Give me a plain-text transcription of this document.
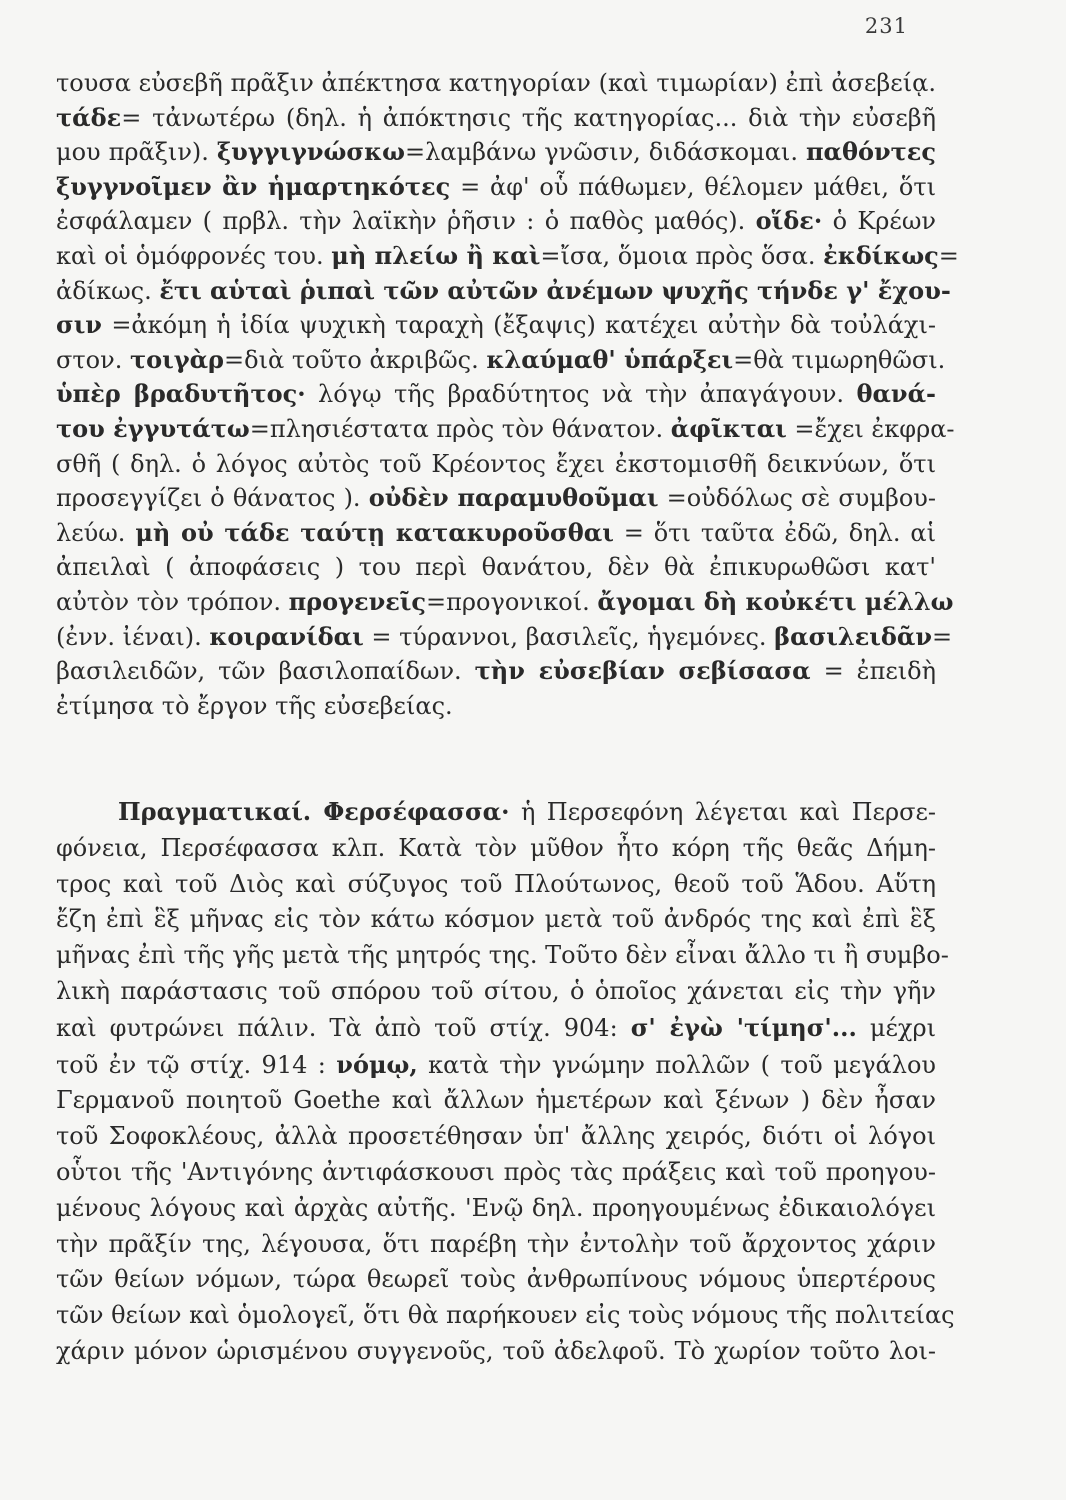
231
τουσα εὐσεβῆ πρᾶξιν ἀπέκτησα κατηγορίαν (καὶ τιμωρίαν) ἐπὶ ἀσεβείᾳ.
τάδε= τἀνωτέρω (δηλ. ἡ ἀπόκτησις τῆς κατηγορίας... διὰ τὴν εὐσεβῆ
μου πρᾶξιν). ξυγγιγνώσκω=λαμβάνω γνῶσιν, διδάσκομαι. παθόντες
ξυγγνοῖμεν ἂν ἡμαρτηκότες = ἀφ' οὗ πάθωμεν, θέλομεν μάθει, ὅτι
ἐσφάλαμεν ( πρβλ. τὴν λαϊκὴν ῥῆσιν : ὁ παθὸς μαθός). οἵδε· ὁ Κρέων
καὶ οἱ ὁμόφρονές του. μὴ πλείω ἢ καὶ=ἴσα, ὅμοια πρὸς ὅσα. ἐκδίκως=
ἀδίκως. ἔτι αὑταὶ ῥιπαὶ τῶν αὐτῶν ἀνέμων ψυχῆς τήνδε γ' ἔχου-
σιν =ἀκόμη ἡ ἰδία ψυχικὴ ταραχὴ (ἔξαψις) κατέχει αὐτὴν δὰ τοὐλάχι-
στον. τοιγὰρ=διὰ τοῦτο ἀκριβῶς. κλαύμαθ' ὑπάρξει=θὰ τιμωρηθῶσι.
ὑπὲρ βραδυτῆτος· λόγῳ τῆς βραδύτητος νὰ τὴν ἀπαγάγουν. θανά-
του ἐγγυτάτω=πλησιέστατα πρὸς τὸν θάνατον. ἀφῖκται =ἔχει ἐκφρα-
σθῆ ( δηλ. ὁ λόγος αὐτὸς τοῦ Κρέοντος ἔχει ἐκστομισθῆ δεικνύων, ὅτι
προσεγγίζει ὁ θάνατος ). οὐδὲν παραμυθοῦμαι =οὐδόλως σὲ συμβου-
λεύω. μὴ οὐ τάδε ταύτῃ κατακυροῦσθαι = ὅτι ταῦτα ἐδῶ, δηλ. αἱ
ἀπειλαὶ ( ἀποφάσεις ) του περὶ θανάτου, δὲν θὰ ἐπικυρωθῶσι κατ'
αὐτὸν τὸν τρόπον. προγενεῖς=προγονικοί. ἄγομαι δὴ κοὐκέτι μέλλω
(ἐνν. ἰέναι). κοιρανίδαι = τύραννοι, βασιλεῖς, ἡγεμόνες. βασιλειδᾶν=
βασιλειδῶν, τῶν βασιλοπαίδων. τὴν εὐσεβίαν σεβίσασα = ἐπειδὴ
ἐτίμησα τὸ ἔργον τῆς εὐσεβείας.
Πραγματικαί. Φερσέφασσα· ἡ Περσεφόνη λέγεται καὶ Περσε-
φόνεια, Περσέφασσα κλπ. Κατὰ τὸν μῦθον ἦτο κόρη τῆς θεᾶς Δήμη-
τρος καὶ τοῦ Διὸς καὶ σύζυγος τοῦ Πλούτωνος, θεοῦ τοῦ Ἅδου. Αὕτη
ἔζη ἐπὶ ἓξ μῆνας εἰς τὸν κάτω κόσμον μετὰ τοῦ ἀνδρός της καὶ ἐπὶ ἓξ
μῆνας ἐπὶ τῆς γῆς μετὰ τῆς μητρός της. Τοῦτο δὲν εἶναι ἄλλο τι ἢ συμβο-
λικὴ παράστασις τοῦ σπόρου τοῦ σίτου, ὁ ὁποῖος χάνεται εἰς τὴν γῆν
καὶ φυτρώνει πάλιν. Τὰ ἀπὸ τοῦ στίχ. 904: σ' ἐγὼ 'τίμησ'... μέχρι
τοῦ ἐν τῷ στίχ. 914 : νόμῳ, κατὰ τὴν γνώμην πολλῶν ( τοῦ μεγάλου
Γερμανοῦ ποιητοῦ Goethe καὶ ἄλλων ἡμετέρων καὶ ξένων ) δὲν ἦσαν
τοῦ Σοφοκλέους, ἀλλὰ προσετέθησαν ὑπ' ἄλλης χειρός, διότι οἱ λόγοι
οὗτοι τῆς 'Αντιγόνης ἀντιφάσκουσι πρὸς τὰς πράξεις καὶ τοῦ προηγου-
μένους λόγους καὶ ἀρχὰς αὐτῆς. 'Ενῷ δηλ. προηγουμένως ἐδικαιολόγει
τὴν πρᾶξίν της, λέγουσα, ὅτι παρέβη τὴν ἐντολὴν τοῦ ἄρχοντος χάριν
τῶν θείων νόμων, τώρα θεωρεῖ τοὺς ἀνθρωπίνους νόμους ὑπερτέρους
τῶν θείων καὶ ὁμολογεῖ, ὅτι θὰ παρήκουεν εἰς τοὺς νόμους τῆς πολιτείας
χάριν μόνον ὡρισμένου συγγενοῦς, τοῦ ἀδελφοῦ. Τὸ χωρίον τοῦτο λοι-
